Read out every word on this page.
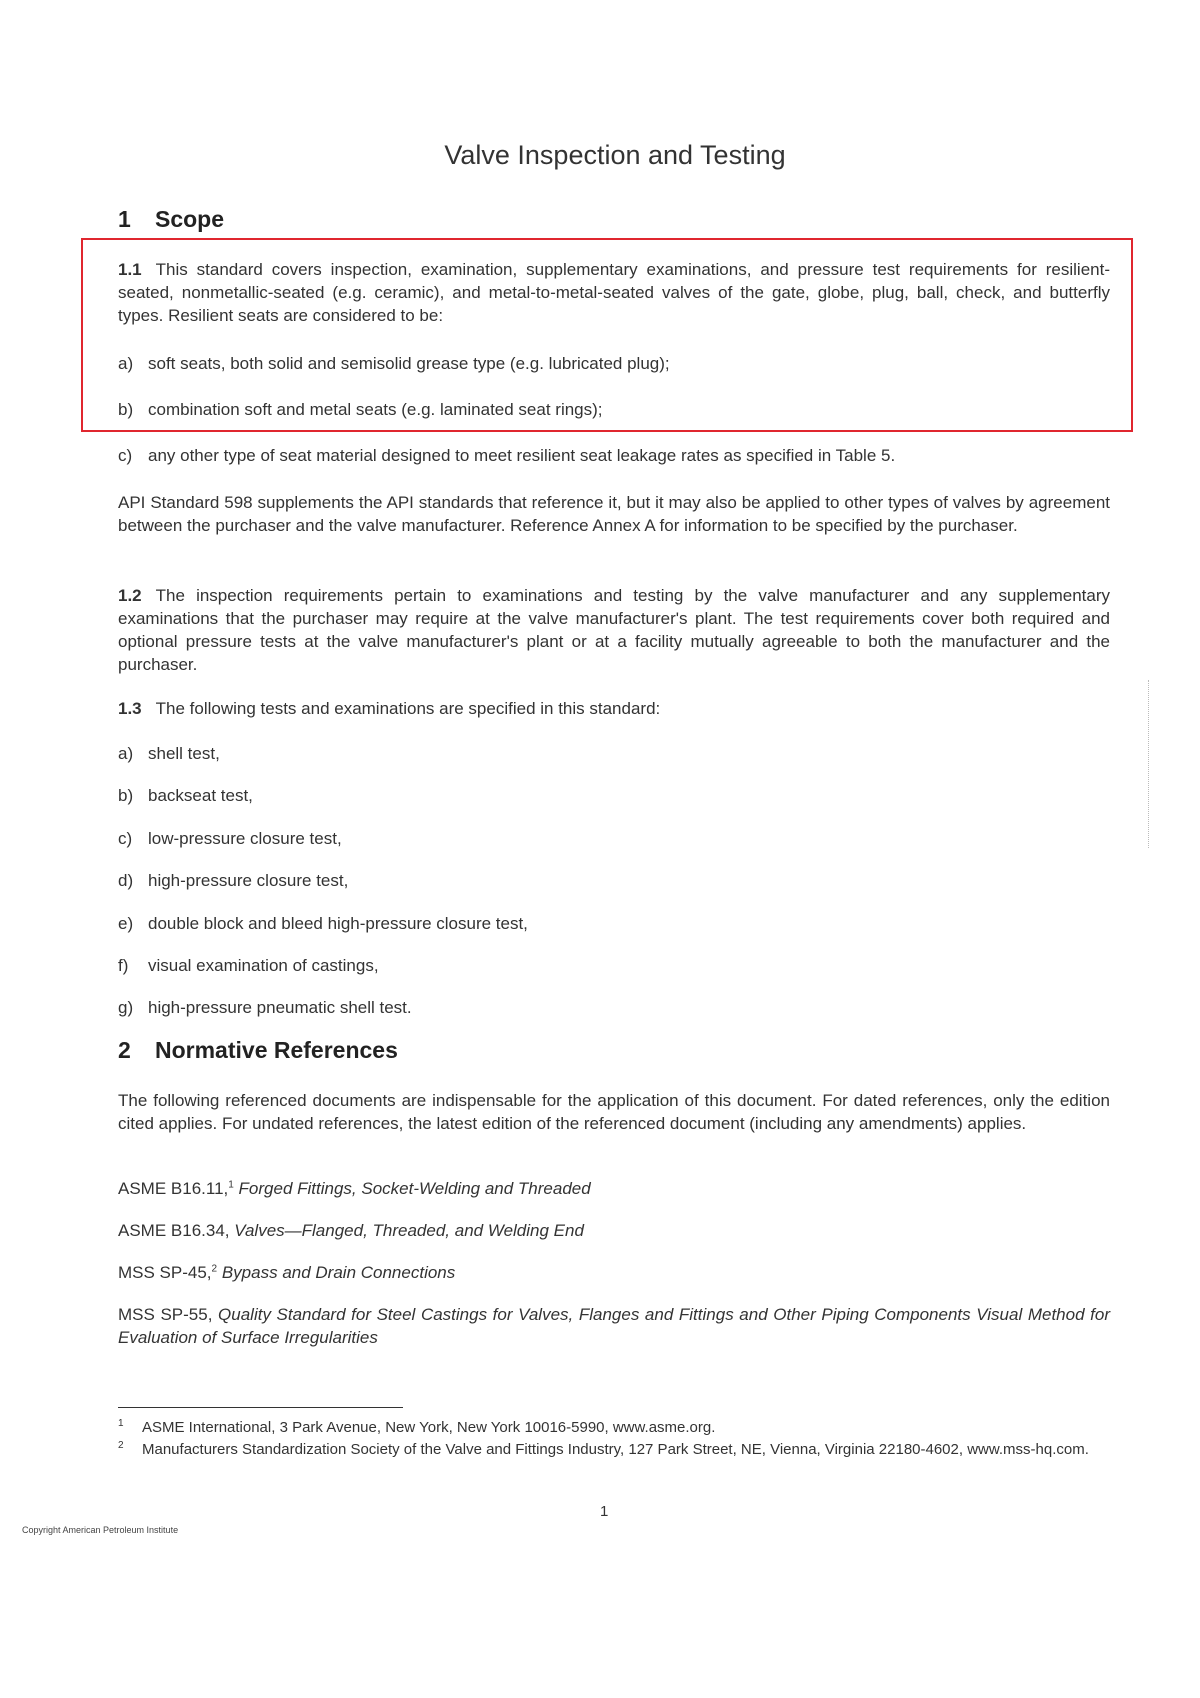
Valve Inspection and Testing
1 Scope
1.1 This standard covers inspection, examination, supplementary examinations, and pressure test requirements for resilient-seated, nonmetallic-seated (e.g. ceramic), and metal-to-metal-seated valves of the gate, globe, plug, ball, check, and butterfly types. Resilient seats are considered to be:
a) soft seats, both solid and semisolid grease type (e.g. lubricated plug);
b) combination soft and metal seats (e.g. laminated seat rings);
c) any other type of seat material designed to meet resilient seat leakage rates as specified in Table 5.
API Standard 598 supplements the API standards that reference it, but it may also be applied to other types of valves by agreement between the purchaser and the valve manufacturer. Reference Annex A for information to be specified by the purchaser.
1.2 The inspection requirements pertain to examinations and testing by the valve manufacturer and any supplementary examinations that the purchaser may require at the valve manufacturer's plant. The test requirements cover both required and optional pressure tests at the valve manufacturer's plant or at a facility mutually agreeable to both the manufacturer and the purchaser.
1.3 The following tests and examinations are specified in this standard:
a) shell test,
b) backseat test,
c) low-pressure closure test,
d) high-pressure closure test,
e) double block and bleed high-pressure closure test,
f) visual examination of castings,
g) high-pressure pneumatic shell test.
2 Normative References
The following referenced documents are indispensable for the application of this document. For dated references, only the edition cited applies. For undated references, the latest edition of the referenced document (including any amendments) applies.
ASME B16.11,$^1$ Forged Fittings, Socket-Welding and Threaded
ASME B16.34, Valves—Flanged, Threaded, and Welding End
MSS SP-45,$^2$ Bypass and Drain Connections
MSS SP-55, Quality Standard for Steel Castings for Valves, Flanges and Fittings and Other Piping Components Visual Method for Evaluation of Surface Irregularities
1 ASME International, 3 Park Avenue, New York, New York 10016-5990, www.asme.org.
2 Manufacturers Standardization Society of the Valve and Fittings Industry, 127 Park Street, NE, Vienna, Virginia 22180-4602, www.mss-hq.com.
1
Copyright American Petroleum Institute
